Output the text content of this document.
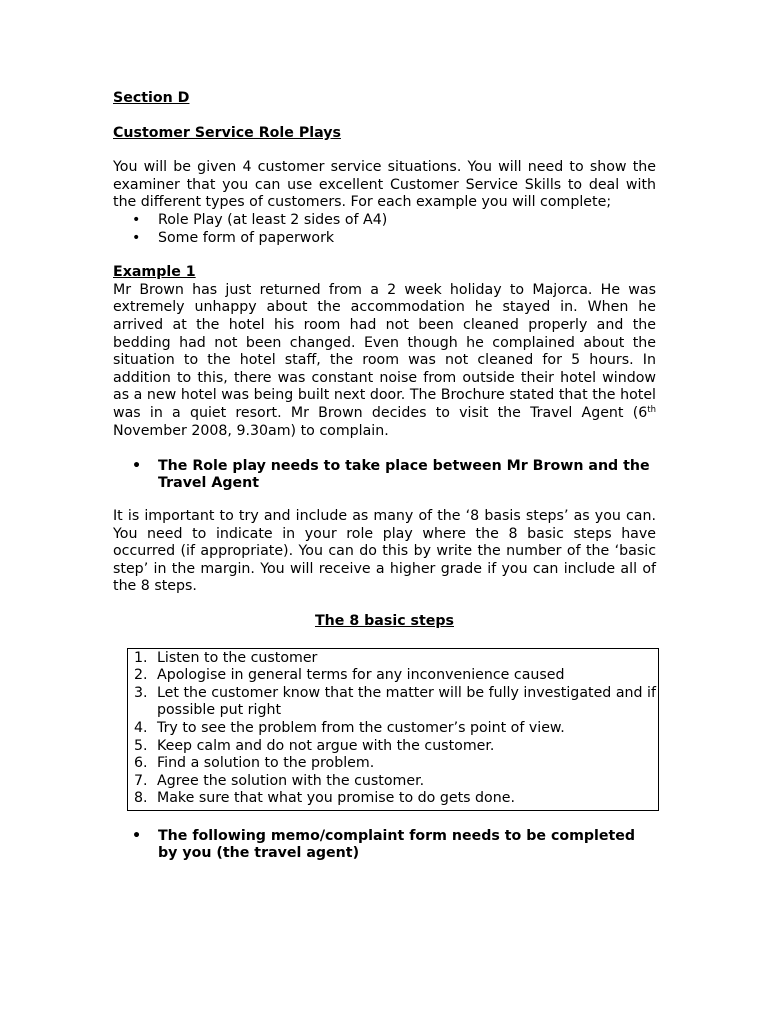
Section D

Customer Service Role Plays

You will be given 4 customer service situations. You will need to show the examiner that you can use excellent Customer Service Skills to deal with the different types of customers. For each example you will complete;

• Role Play (at least 2 sides of A4)
• Some form of paperwork

Example 1

Mr Brown has just returned from a 2 week holiday to Majorca. He was extremely unhappy about the accommodation he stayed in. When he arrived at the hotel his room had not been cleaned properly and the bedding had not been changed. Even though he complained about the situation to the hotel staff, the room was not cleaned for 5 hours. In addition to this, there was constant noise from outside their hotel window as a new hotel was being built next door. The Brochure stated that the hotel was in a quiet resort. Mr Brown decides to visit the Travel Agent (6th November 2008, 9.30am) to complain.

• The Role play needs to take place between Mr Brown and the Travel Agent

It is important to try and include as many of the ‘8 basis steps’ as you can. You need to indicate in your role play where the 8 basic steps have occurred (if appropriate). You can do this by write the number of the ‘basic step’ in the margin. You will receive a higher grade if you can include all of the 8 steps.

The 8 basic steps

1. Listen to the customer
2. Apologise in general terms for any inconvenience caused
3. Let the customer know that the matter will be fully investigated and if possible put right
4. Try to see the problem from the customer’s point of view.
5. Keep calm and do not argue with the customer.
6. Find a solution to the problem.
7. Agree the solution with the customer.
8. Make sure that what you promise to do gets done.
• The following memo/complaint form needs to be completed by you (the travel agent)
